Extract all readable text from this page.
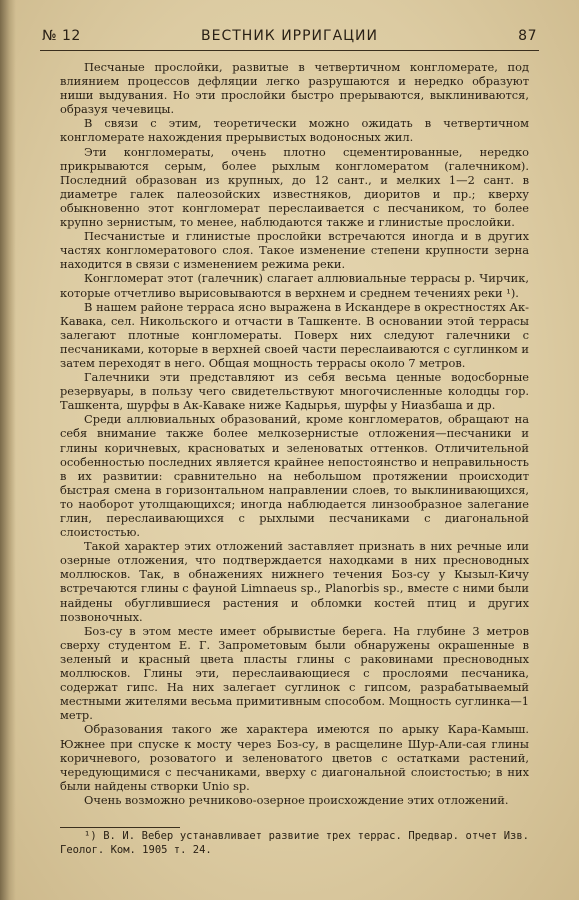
№ 12	ВЕСТНИК ИРРИГАЦИИ	87

Песчаные прослойки, развитые в четвертичном конгломерате, под влиянием процессов дефляции легко разрушаются и нередко образуют ниши выдувания. Но эти прослойки быстро прерываются, выклиниваются, образуя чечевицы.

В связи с этим, теоретически можно ожидать в четвертичном конгломерате нахождения прерывистых водоносных жил.

Эти конгломераты, очень плотно сцементированные, нередко прикрываются серым, более рыхлым конгломератом (галечником). Последний образован из крупных, до 12 сант., и мелких 1—2 сант. в диаметре галек палеозойских известняков, диоритов и пр.; кверху обыкновенно этот конгломерат переслаивается с песчаником, то более крупно зернистым, то менее, наблюдаются также и глинистые прослойки.

Песчанистые и глинистые прослойки встречаются иногда и в других частях конгломератового слоя. Такое изменение степени крупности зерна находится в связи с изменением режима реки.

Конгломерат этот (галечник) слагает аллювиальные террасы р. Чирчик, которые отчетливо вырисовываются в верхнем и среднем течениях реки ¹).

В нашем районе терраса ясно выражена в Искандере в окрестностях Ак-Кавака, сел. Никольского и отчасти в Ташкенте. В основании этой террасы залегают плотные конгломераты. Поверх них следуют галечники с песчаниками, которые в верхней своей части переслаиваются с суглинком и затем переходят в него. Общая мощность террасы около 7 метров.

Галечники эти представляют из себя весьма ценные водосборные резервуары, в пользу чего свидетельствуют многочисленные колодцы гор. Ташкента, шурфы в Ак-Каваке ниже Кадырья, шурфы у Ниазбаша и др.

Среди аллювиальных образований, кроме конгломератов, обращают на себя внимание также более мелкозернистые отложения—песчаники и глины коричневых, красноватых и зеленоватых оттенков. Отличительной особенностью последних является крайнее непостоянство и неправильность в их развитии: сравнительно на небольшом протяжении происходит быстрая смена в горизонтальном направлении слоев, то выклинивающихся, то наоборот утолщающихся; иногда наблюдается линзообразное залегание глин, переслаивающихся с рыхлыми песчаниками с диагональной слоистостью.

Такой характер этих отложений заставляет признать в них речные или озерные отложения, что подтверждается находками в них пресноводных моллюсков. Так, в обнажениях нижнего течения Боз-су у Кызыл-Кичу встречаются глины с фауной Limnaeus sp., Planorbis sp., вместе с ними были найдены обуглившиеся растения и обломки костей птиц и других позвоночных.

Боз-су в этом месте имеет обрывистые берега. На глубине 3 метров сверху студентом Е. Г. Запрометовым были обнаружены окрашенные в зеленый и красный цвета пласты глины с раковинами пресноводных моллюсков. Глины эти, переслаивающиеся с прослоями песчаника, содержат гипс. На них залегает суглинок с гипсом, разрабатываемый местными жителями весьма примитивным способом. Мощность суглинка—1 метр.

Образования такого же характера имеются по арыку Кара-Камыш. Южнее при спуске к мосту через Боз-су, в расщелине Шур-Али-сая глины коричневого, розоватого и зеленоватого цветов с остатками растений, чередующимися с песчаниками, вверху с диагональной слоистостью; в них были найдены створки Unio sp.

Очень возможно речниково-озерное происхождение этих отложений.

¹) В. И. Вебер устанавливает развитие трех террас. Предвар. отчет Изв. Геолог. Ком. 1905 т. 24.
